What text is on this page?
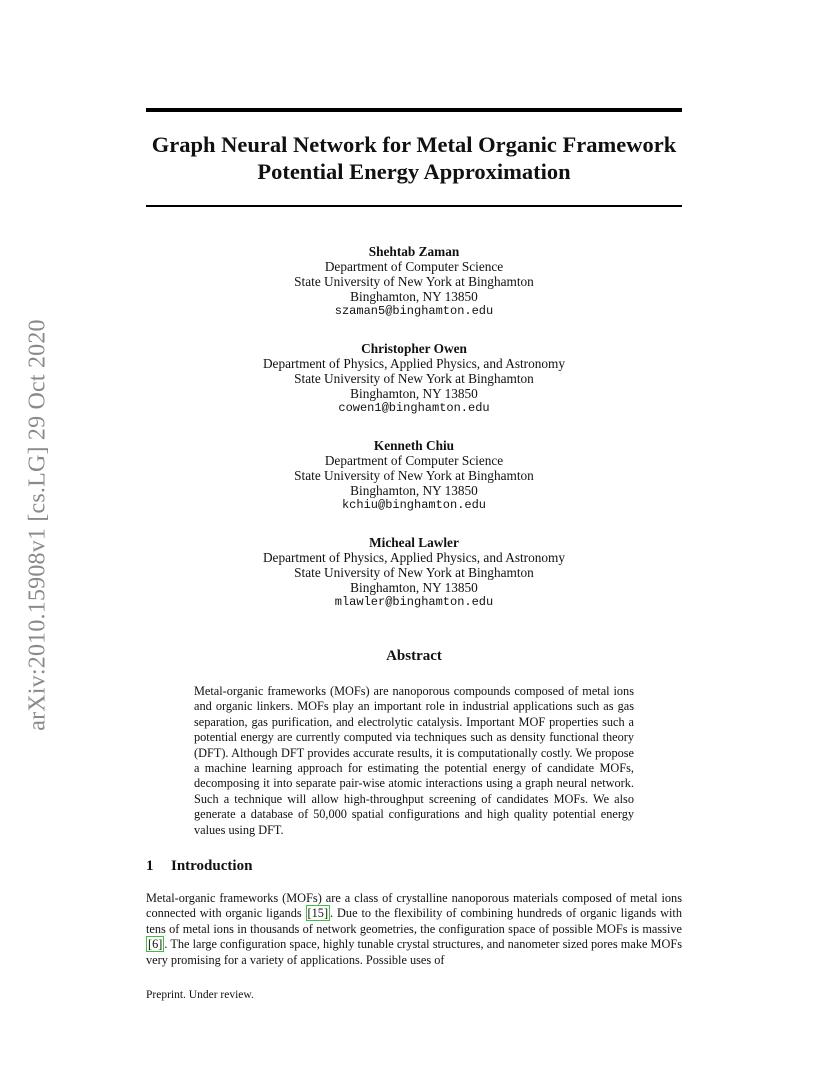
arXiv:2010.15908v1 [cs.LG] 29 Oct 2020
Graph Neural Network for Metal Organic Framework Potential Energy Approximation
Shehtab Zaman
Department of Computer Science
State University of New York at Binghamton
Binghamton, NY 13850
szaman5@binghamton.edu
Christopher Owen
Department of Physics, Applied Physics, and Astronomy
State University of New York at Binghamton
Binghamton, NY 13850
cowen1@binghamton.edu
Kenneth Chiu
Department of Computer Science
State University of New York at Binghamton
Binghamton, NY 13850
kchiu@binghamton.edu
Micheal Lawler
Department of Physics, Applied Physics, and Astronomy
State University of New York at Binghamton
Binghamton, NY 13850
mlawler@binghamton.edu
Abstract

Metal-organic frameworks (MOFs) are nanoporous compounds composed of metal ions and organic linkers. MOFs play an important role in industrial applications such as gas separation, gas purification, and electrolytic catalysis. Important MOF properties such a potential energy are currently computed via techniques such as density functional theory (DFT). Although DFT provides accurate results, it is computationally costly. We propose a machine learning approach for estimating the potential energy of candidate MOFs, decomposing it into separate pair-wise atomic interactions using a graph neural network. Such a technique will allow high-throughput screening of candidates MOFs. We also generate a database of 50,000 spatial configurations and high quality potential energy values using DFT.

1 Introduction

Metal-organic frameworks (MOFs) are a class of crystalline nanoporous materials composed of metal ions connected with organic ligands [15] . Due to the flexibility of combining hundreds of organic ligands with tens of metal ions in thousands of network geometries, the configuration space of possible MOFs is massive [6] . The large configuration space, highly tunable crystal structures, and nanometer sized pores make MOFs very promising for a variety of applications. Possible uses of

Preprint. Under review.
